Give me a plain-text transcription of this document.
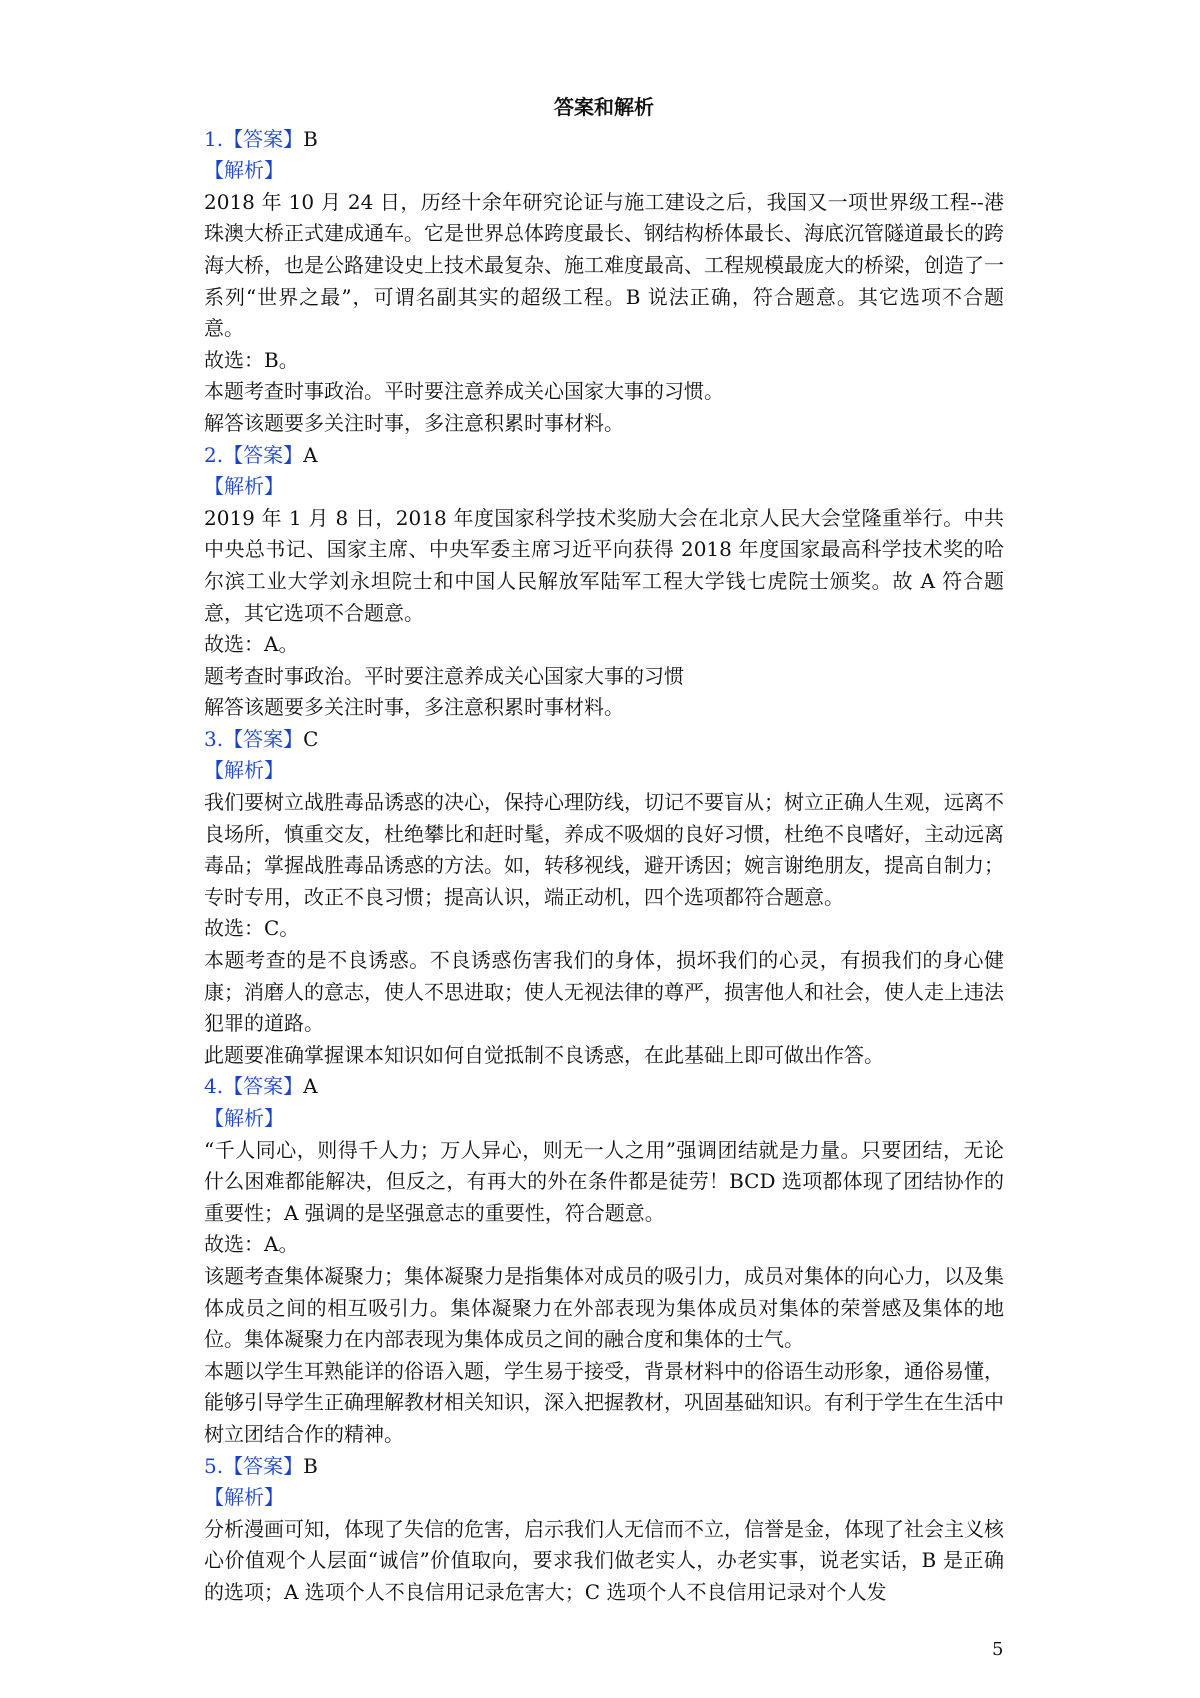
答案和解析
1.【答案】B
【解析】
2018 年 10 月 24 日，历经十余年研究论证与施工建设之后，我国又一项世界级工程--港珠澳大桥正式建成通车。它是世界总体跨度最长、钢结构桥体最长、海底沉管隧道最长的跨海大桥，也是公路建设史上技术最复杂、施工难度最高、工程规模最庞大的桥梁，创造了一系列“世界之最”，可谓名副其实的超级工程。B 说法正确，符合题意。其它选项不合题意。
故选：B。
本题考查时事政治。平时要注意养成关心国家大事的习惯。
解答该题要多关注时事，多注意积累时事材料。
2.【答案】A
【解析】
2019 年 1 月 8 日，2018 年度国家科学技术奖励大会在北京人民大会堂隆重举行。中共中央总书记、国家主席、中央军委主席习近平向获得 2018 年度国家最高科学技术奖的哈尔滨工业大学刘永坦院士和中国人民解放军陆军工程大学钱七虎院士颁奖。故 A 符合题意，其它选项不合题意。
故选：A。
题考查时事政治。平时要注意养成关心国家大事的习惯
解答该题要多关注时事，多注意积累时事材料。
3.【答案】C
【解析】
我们要树立战胜毒品诱惑的决心，保持心理防线，切记不要盲从；树立正确人生观，远离不良场所，慎重交友，杜绝攀比和赶时髦，养成不吸烟的良好习惯，杜绝不良嗜好，主动远离毒品；掌握战胜毒品诱惑的方法。如，转移视线，避开诱因；婉言谢绝朋友，提高自制力；专时专用，改正不良习惯；提高认识，端正动机，四个选项都符合题意。
故选：C。
本题考查的是不良诱惑。不良诱惑伤害我们的身体，损坏我们的心灵，有损我们的身心健康；消磨人的意志，使人不思进取；使人无视法律的尊严，损害他人和社会，使人走上违法犯罪的道路。
此题要准确掌握课本知识如何自觉抵制不良诱惑，在此基础上即可做出作答。
4.【答案】A
【解析】
“千人同心，则得千人力；万人异心，则无一人之用”强调团结就是力量。只要团结，无论什么困难都能解决，但反之，有再大的外在条件都是徒劳！BCD 选项都体现了团结协作的重要性；A 强调的是坚强意志的重要性，符合题意。
故选：A。
该题考查集体凝聚力；集体凝聚力是指集体对成员的吸引力，成员对集体的向心力，以及集体成员之间的相互吸引力。集体凝聚力在外部表现为集体成员对集体的荣誉感及集体的地位。集体凝聚力在内部表现为集体成员之间的融合度和集体的士气。
本题以学生耳熟能详的俗语入题，学生易于接受，背景材料中的俗语生动形象，通俗易懂，能够引导学生正确理解教材相关知识，深入把握教材，巩固基础知识。有利于学生在生活中树立团结合作的精神。
5.【答案】B
【解析】
分析漫画可知，体现了失信的危害，启示我们人无信而不立，信誉是金，体现了社会主义核心价值观个人层面“诚信”价值取向，要求我们做老实人，办老实事，说老实话，B 是正确的选项；A 选项个人不良信用记录危害大；C 选项个人不良信用记录对个人发
5
